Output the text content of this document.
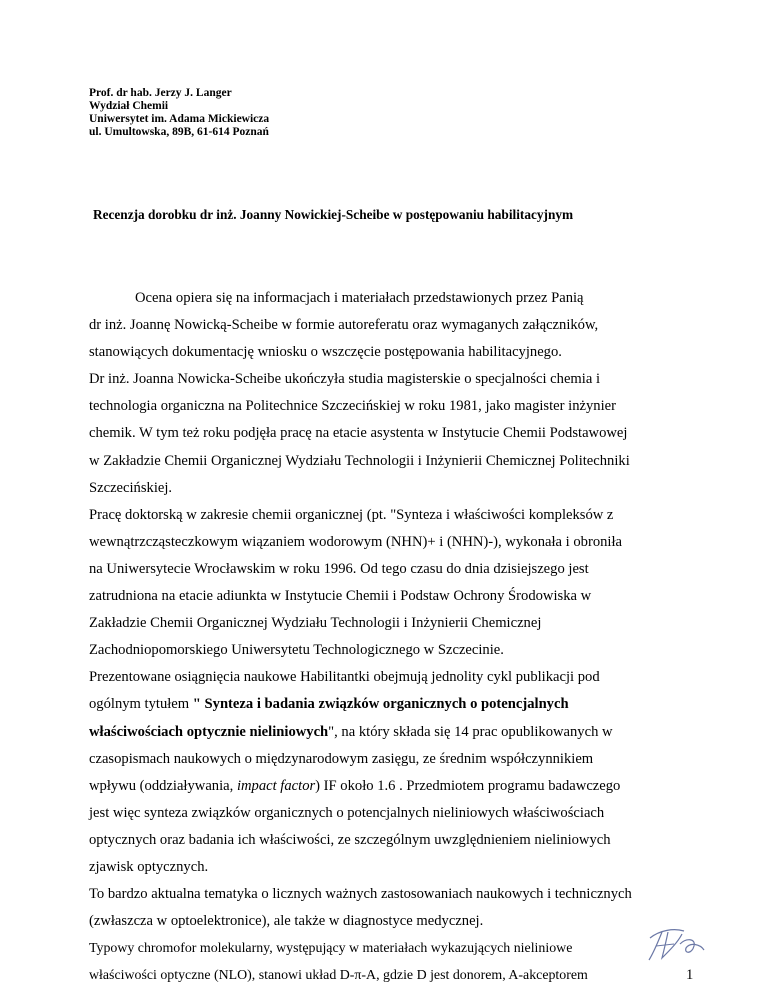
Prof. dr hab. Jerzy J. Langer
Wydział Chemii
Uniwersytet im. Adama Mickiewicza
ul. Umultowska, 89B, 61-614 Poznań
Recenzja dorobku dr inż. Joanny Nowickiej-Scheibe w postępowaniu habilitacyjnym
Ocena opiera się na informacjach i materiałach przedstawionych przez Panią
dr inż. Joannę Nowicką-Scheibe w formie autoreferatu oraz wymaganych załączników,
stanowiących dokumentację wniosku o wszczęcie postępowania habilitacyjnego.
Dr inż. Joanna Nowicka-Scheibe ukończyła studia magisterskie o specjalności chemia i
technologia organiczna na Politechnice Szczecińskiej w roku 1981, jako magister inżynier
chemik. W tym też roku podjęła pracę na etacie asystenta w Instytucie Chemii Podstawowej
w Zakładzie Chemii Organicznej Wydziału Technologii i Inżynierii Chemicznej Politechniki
Szczecińskiej.
Pracę doktorską w zakresie chemii organicznej (pt. "Synteza i właściwości kompleksów z
wewnątrzcząsteczkowym wiązaniem wodorowym (NHN)+ i (NHN)-), wykonała i obroniła
na Uniwersytecie Wrocławskim w roku 1996. Od tego czasu do dnia dzisiejszego jest
zatrudniona na etacie adiunkta w Instytucie Chemii i Podstaw Ochrony Środowiska w
Zakładzie Chemii Organicznej Wydziału Technologii i Inżynierii Chemicznej
Zachodniopomorskiego Uniwersytetu Technologicznego w Szczecinie.
Prezentowane osiągnięcia naukowe Habilitantki obejmują jednolity cykl publikacji pod
ogólnym tytułem " Synteza i badania związków organicznych o potencjalnych
właściwościach optycznie nieliniowych", na który składa się 14 prac opublikowanych w
czasopismach naukowych o międzynarodowym zasięgu, ze średnim współczynnikiem
wpływu (oddziaływania, impact factor) IF około 1.6 . Przedmiotem programu badawczego
jest więc synteza związków organicznych o potencjalnych nieliniowych właściwościach
optycznych oraz badania ich właściwości, ze szczególnym uwzględnieniem nieliniowych
zjawisk optycznych.
To bardzo aktualna tematyka o licznych ważnych zastosowaniach naukowych i technicznych
(zwłaszcza w optoelektronice), ale także w diagnostyce medycznej.
Typowy chromofor molekularny, występujący w materiałach wykazujących nieliniowe
właściwości optyczne (NLO), stanowi układ D-π-A, gdzie D jest donorem, A-akceptorem	1
